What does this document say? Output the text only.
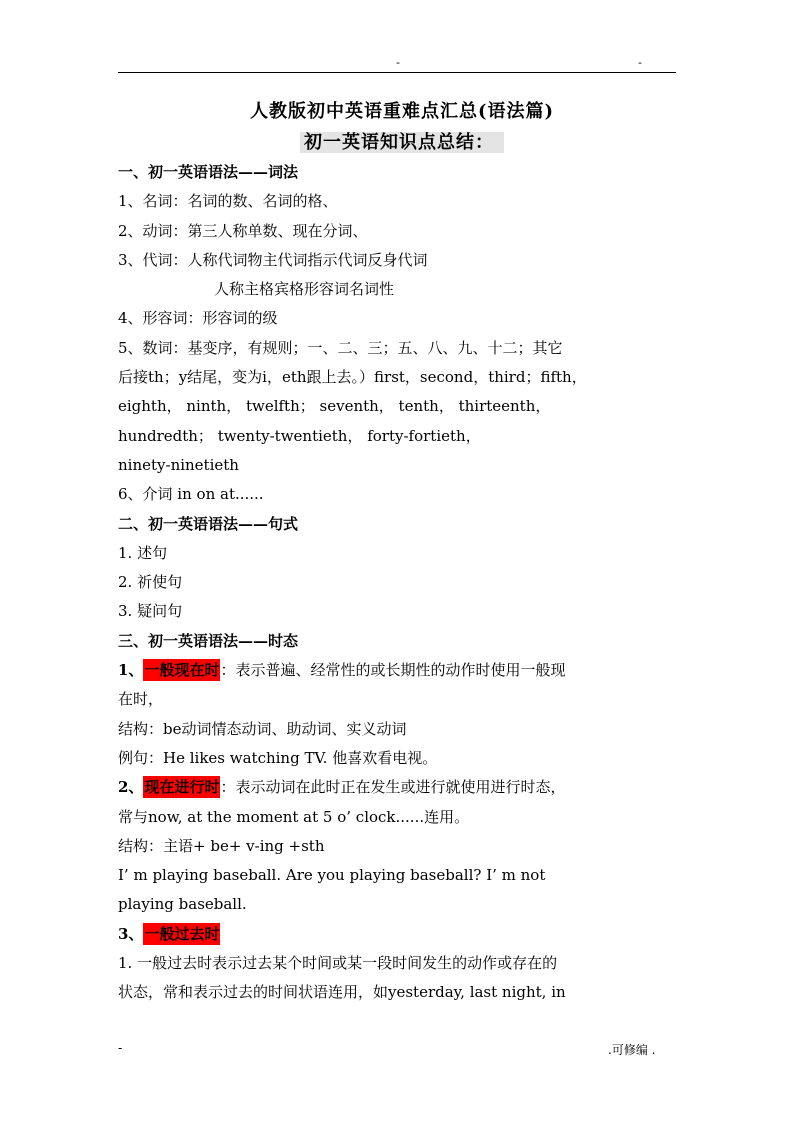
-	-
人教版初中英语重难点汇总(语法篇)
初一英语知识点总结：
一、初一英语语法——词法
1、名词：名词的数、名词的格、
2、动词：第三人称单数、现在分词、
3、代词：人称代词物主代词指示代词反身代词
人称主格宾格形容词名词性
4、形容词：形容词的级
5、数词：基变序，有规则；一、二、三；五、八、九、十二；其它
后接th；y结尾，变为i，eth跟上去。）first，second，third；fifth，
eighth， ninth， twelfth； seventh， tenth， thirteenth，
hundredth； twenty-twentieth， forty-fortieth，
ninety-ninetieth
6、介词 in on at......
二、初一英语语法——句式
1. 述句
2. 祈使句
3. 疑问句
三、初一英语语法——时态
1、一般现在时：表示普遍、经常性的或长期性的动作时使用一般现
在时，
结构：be动词情态动词、助动词、实义动词
例句：He likes watching TV. 他喜欢看电视。
2、现在进行时：表示动词在此时正在发生或进行就使用进行时态，
常与now, at the moment at 5 o’ clock......连用。
结构：主语+ be+ v-ing +sth
I’ m playing baseball. Are you playing baseball? I’ m not
playing baseball.
3、一般过去时
1. 一般过去时表示过去某个时间或某一段时间发生的动作或存在的
状态，常和表示过去的时间状语连用，如yesterday, last night, in
-	.可修编 .
